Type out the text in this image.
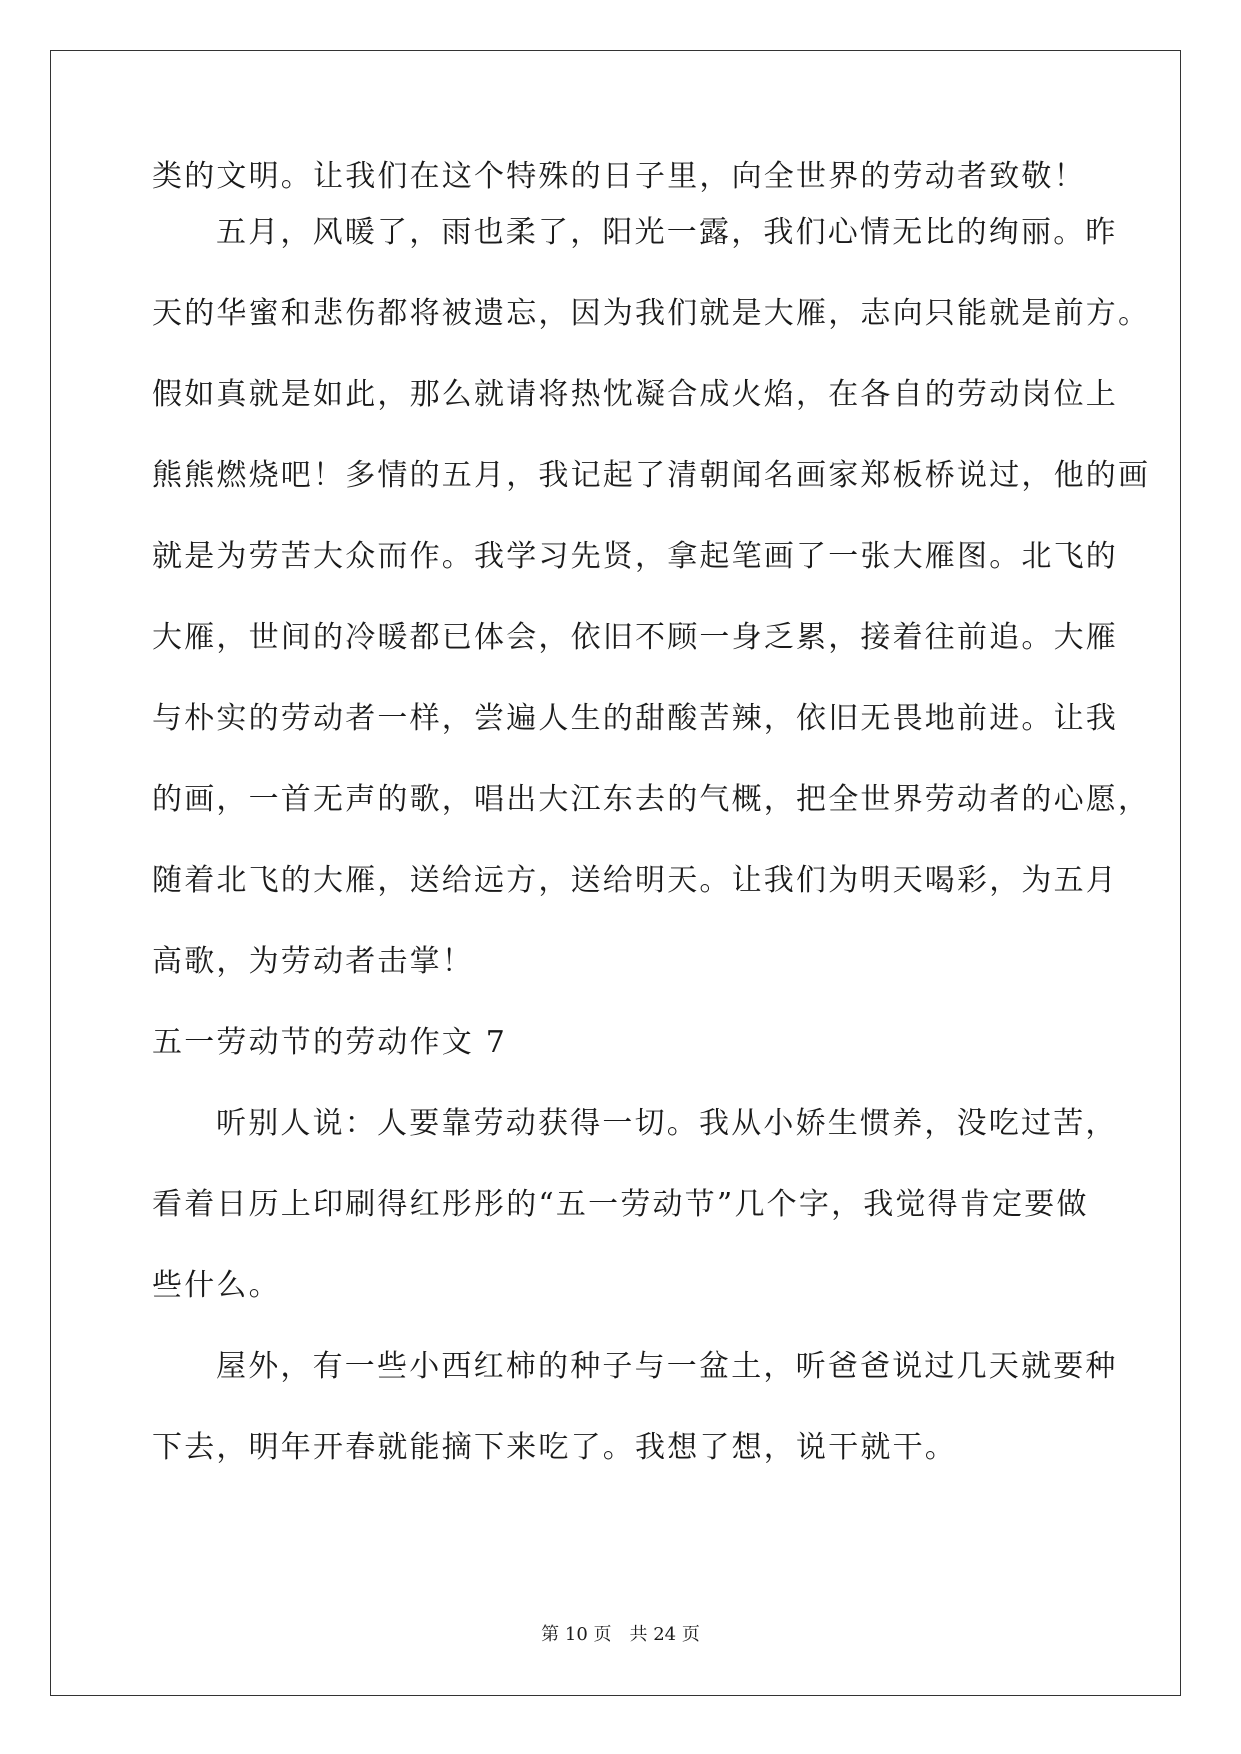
类的文明。让我们在这个特殊的日子里，向全世界的劳动者致敬！
五月，风暖了，雨也柔了，阳光一露，我们心情无比的绚丽。昨
天的华蜜和悲伤都将被遗忘，因为我们就是大雁，志向只能就是前方。
假如真就是如此，那么就请将热忱凝合成火焰，在各自的劳动岗位上
熊熊燃烧吧！多情的五月，我记起了清朝闻名画家郑板桥说过，他的画
就是为劳苦大众而作。我学习先贤，拿起笔画了一张大雁图。北飞的
大雁，世间的冷暖都已体会，依旧不顾一身乏累，接着往前追。大雁
与朴实的劳动者一样，尝遍人生的甜酸苦辣，依旧无畏地前进。让我
的画，一首无声的歌，唱出大江东去的气概，把全世界劳动者的心愿，
随着北飞的大雁，送给远方，送给明天。让我们为明天喝彩，为五月
高歌，为劳动者击掌！
五一劳动节的劳动作文 7
听别人说：人要靠劳动获得一切。我从小娇生惯养，没吃过苦，
看着日历上印刷得红彤彤的“五一劳动节”几个字，我觉得肯定要做
些什么。
屋外，有一些小西红柿的种子与一盆土，听爸爸说过几天就要种
下去，明年开春就能摘下来吃了。我想了想，说干就干。
第 10 页 共 24 页
